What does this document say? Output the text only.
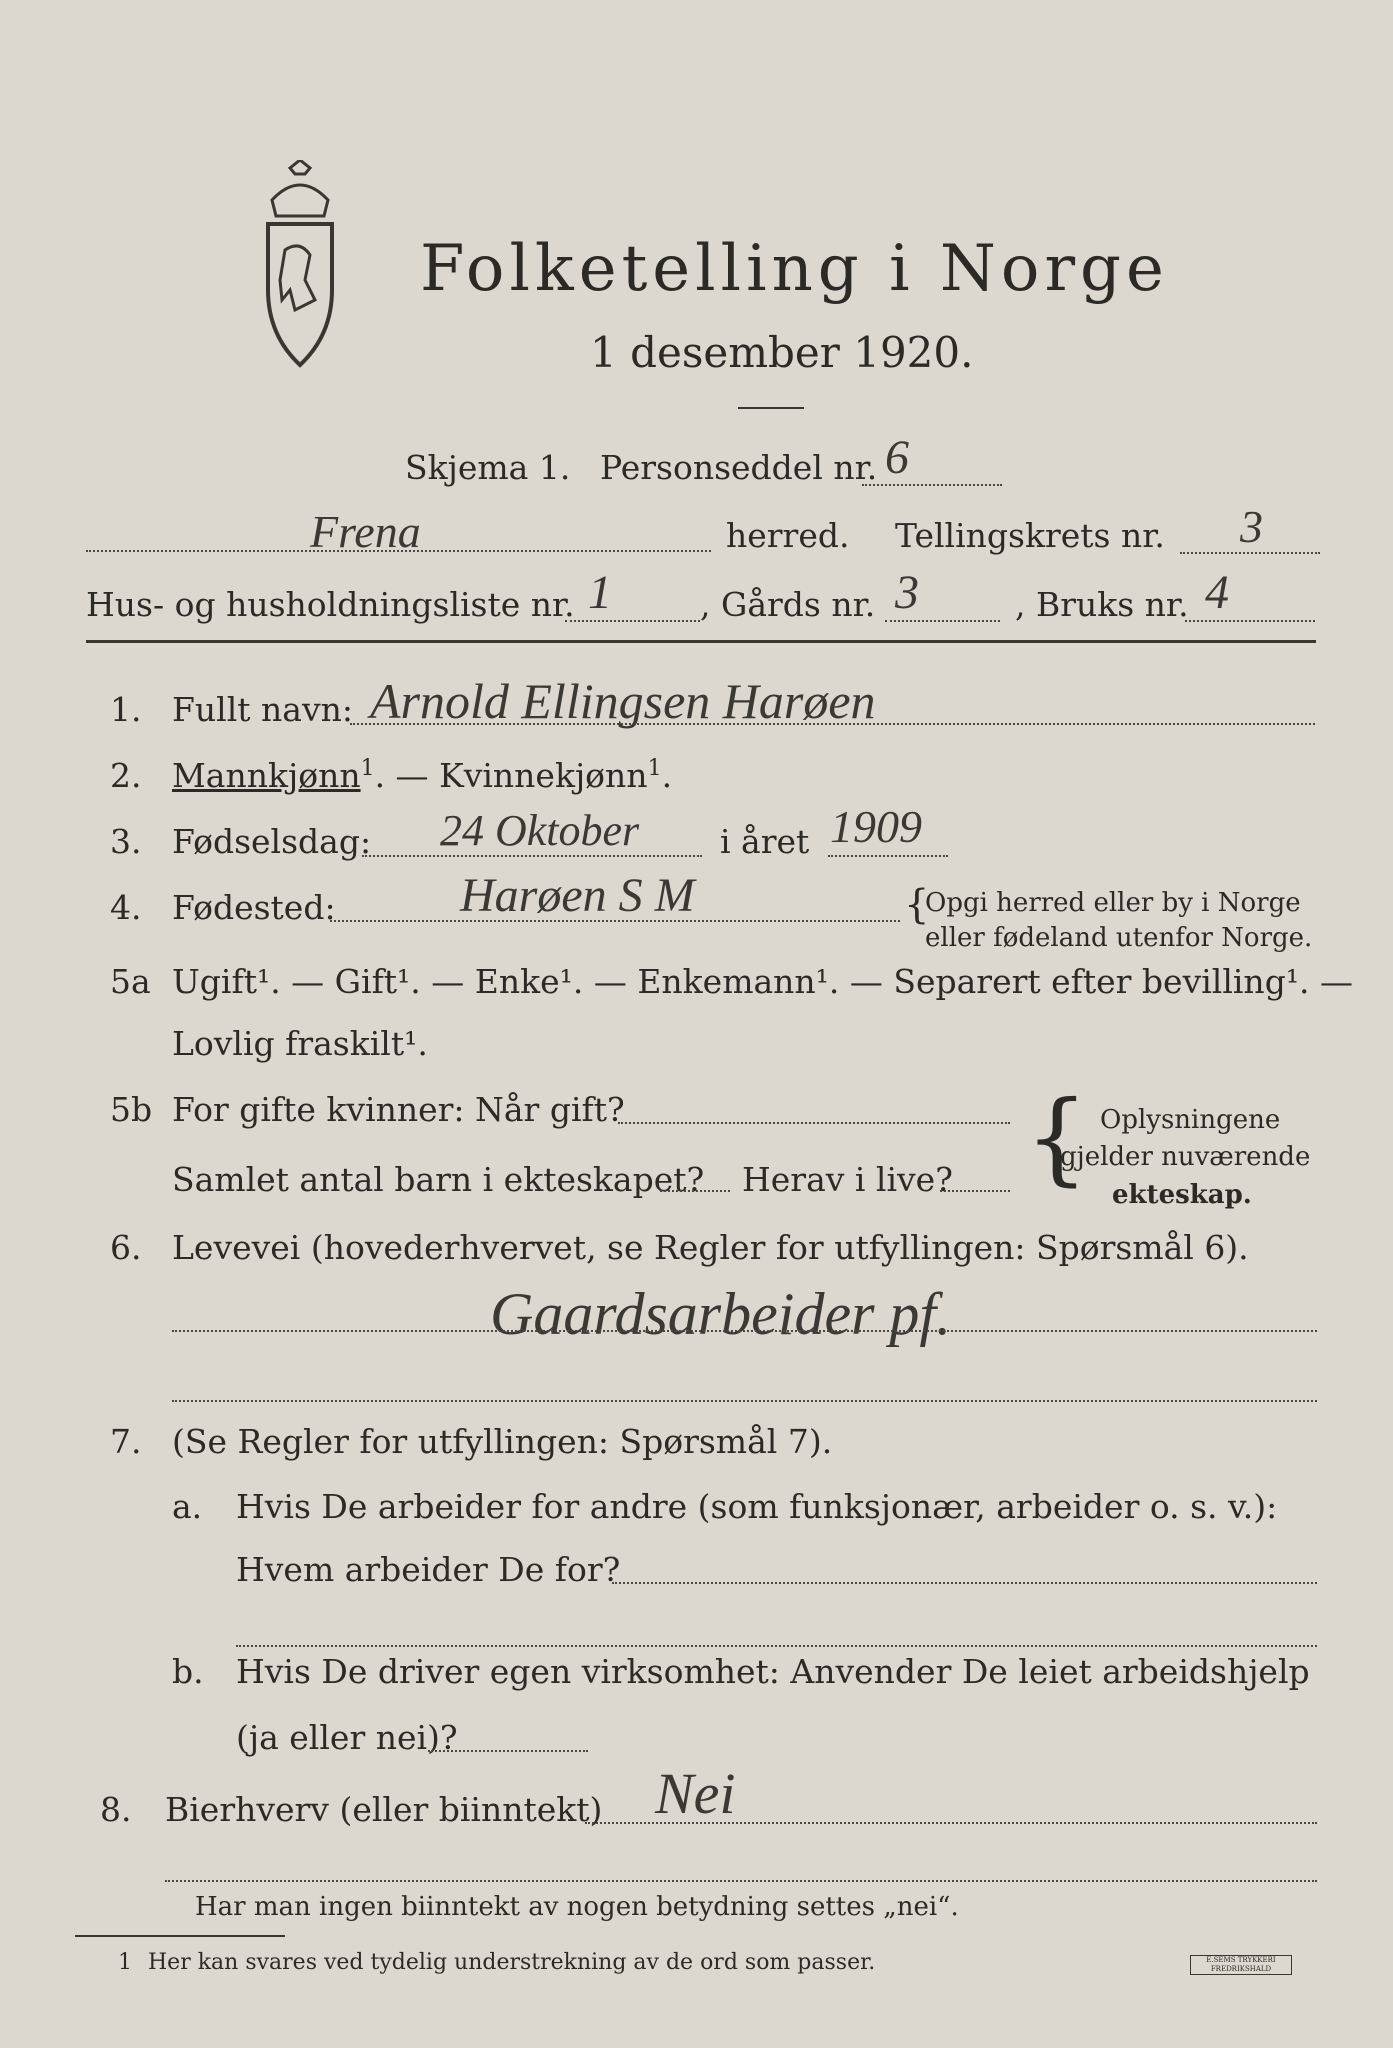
Folketelling i Norge
1 desember 1920.
Skjema 1. Personseddel nr. 6
Frena	herred. Tellingskrets nr. 3
Hus- og husholdningsliste nr. 1	, Gårds nr. 3	, Bruks nr. 4
1. Fullt navn: Arnold Ellingsen Harøen
2. Mannkjønn$^1$. — Kvinnekjønn$^1$.
3. Fødselsdag: 24 Oktober i året 1909
4. Fødested:	Harøen S M	{
Opgi herred eller by i Norge
eller fødeland utenfor Norge.
5a Ugift¹. — Gift¹. — Enke¹. — Enkemann¹. — Separert efter bevilling¹. —
Lovlig fraskilt¹.
5b For gifte kvinner: Når gift?
Samlet antal barn i ekteskapet? Herav i live? { Oplysningene
gjelder nuværende
ekteskap.
6. Levevei (hovederhvervet, se Regler for utfyllingen: Spørsmål 6).
Gaardsarbeider pf.
7. (Se Regler for utfyllingen: Spørsmål 7).
a. Hvis De arbeider for andre (som funksjonær, arbeider o. s. v.):
Hvem arbeider De for?
b. Hvis De driver egen virksomhet: Anvender De leiet arbeidshjelp
(ja eller nei)?
8. Bierhverv (eller biinntekt) Nei
Har man ingen biinntekt av nogen betydning settes „nei“.
1 Her kan svares ved tydelig understrekning av de ord som passer.	E.SEMS TRYKKERI FREDRIKSHALD
